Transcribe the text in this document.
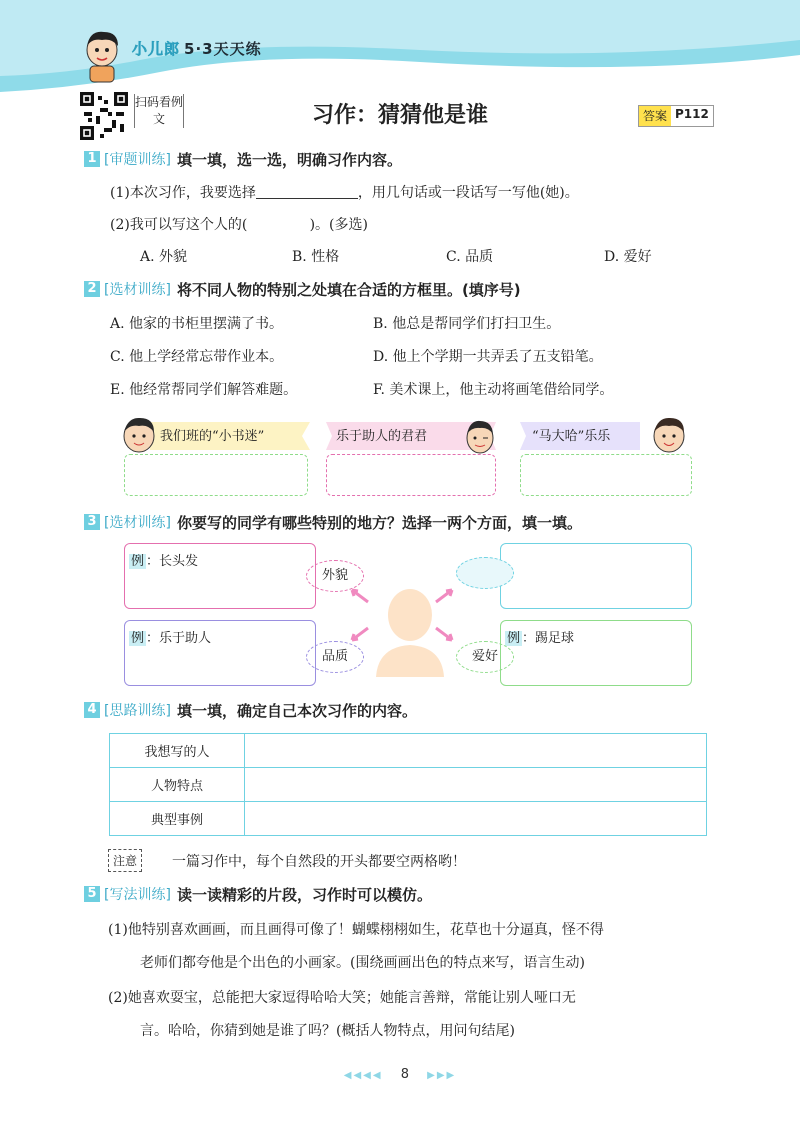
小儿郎 5·3天天练
扫码看例文	习作：猜猜他是谁	答案 P112
1 [审题训练] 填一填，选一选，明确习作内容。
(1)本次习作，我要选择	，用几句话或一段话写一写他(她)。
(2)我可以写这个人的(              )。(多选)
A. 外貌	B. 性格	C. 品质	D. 爱好
2 [选材训练] 将不同人物的特别之处填在合适的方框里。(填序号)
A. 他家的书柜里摆满了书。	B. 他总是帮同学们打扫卫生。
C. 他上学经常忘带作业本。	D. 他上个学期一共弄丢了五支铅笔。
E. 他经常帮同学们解答难题。	F. 美术课上，他主动将画笔借给同学。
我们班的“小书迷”	乐于助人的君君	“马大哈”乐乐
3 [选材训练] 你要写的同学有哪些特别的地方？选择一两个方面，填一填。
例 ：长头发
例 ：乐于助人	例 ：踢足球
外貌
品质	爱好
4 [思路训练] 填一填，确定自己本次习作的内容。
我想写的人	
人物特点	
典型事例	
注意	一篇习作中，每个自然段的开头都要空两格哟！
5 [写法训练] 读一读精彩的片段，习作时可以模仿。
(1)他特别喜欢画画，而且画得可像了！蝴蝶栩栩如生，花草也十分逼真，怪不得
老师们都夸他是个出色的小画家。(围绕画画出色的特点来写，语言生动)
(2)她喜欢耍宝，总能把大家逗得哈哈大笑；她能言善辩，常能让别人哑口无
言。哈哈，你猜到她是谁了吗？(概括人物特点，用问句结尾)
◀◀◀◀ 8 ▶▶▶
